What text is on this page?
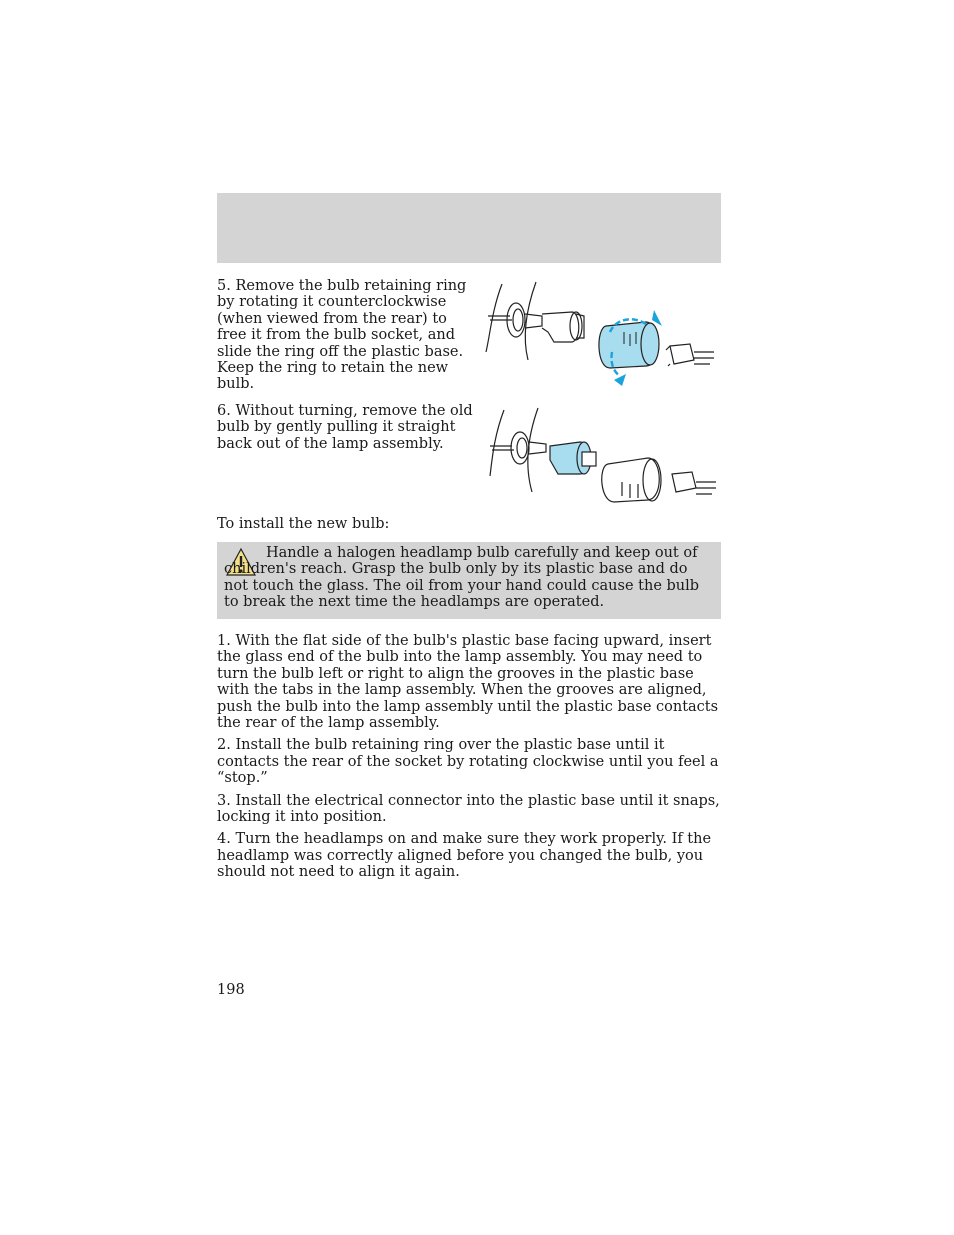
5. Remove the bulb retaining ring by rotating it counterclockwise (when viewed from the rear) to free it from the bulb socket, and slide the ring off the plastic base. Keep the ring to retain the new bulb.

6. Without turning, remove the old bulb by gently pulling it straight back out of the lamp assembly.

To install the new bulb:

Handle a halogen headlamp bulb carefully and keep out of children's reach. Grasp the bulb only by its plastic base and do not touch the glass. The oil from your hand could cause the bulb to break the next time the headlamps are operated.

1. With the flat side of the bulb's plastic base facing upward, insert the glass end of the bulb into the lamp assembly. You may need to turn the bulb left or right to align the grooves in the plastic base with the tabs in the lamp assembly. When the grooves are aligned, push the bulb into the lamp assembly until the plastic base contacts the rear of the lamp assembly.

2. Install the bulb retaining ring over the plastic base until it contacts the rear of the socket by rotating clockwise until you feel a “stop.”

3. Install the electrical connector into the plastic base until it snaps, locking it into position.

4. Turn the headlamps on and make sure they work properly. If the headlamp was correctly aligned before you changed the bulb, you should not need to align it again.

198
